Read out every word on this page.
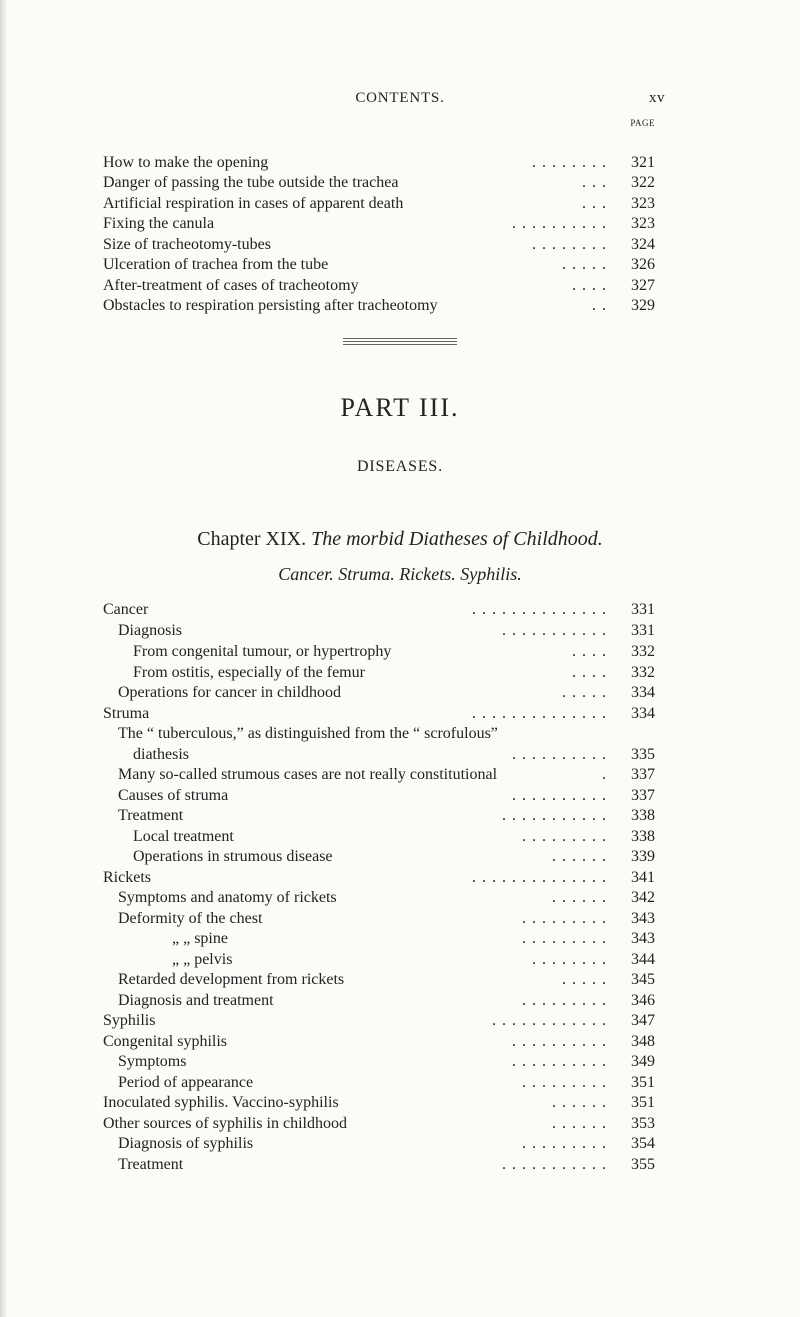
CONTENTS.	xv
PAGE
How to make the opening	........	321
Danger of passing the tube outside the trachea	...	322
Artificial respiration in cases of apparent death	...	323
Fixing the canula	..........	323
Size of tracheotomy-tubes	........	324
Ulceration of trachea from the tube	.....	326
After-treatment of cases of tracheotomy	....	327
Obstacles to respiration persisting after tracheotomy	..	329
PART III.
DISEASES.
Chapter XIX. The morbid Diatheses of Childhood.
Cancer. Struma. Rickets. Syphilis.
Cancer	..............	331
Diagnosis	...........	331
From congenital tumour, or hypertrophy	....	332
From ostitis, especially of the femur	....	332
Operations for cancer in childhood	.....	334
Struma	..............	334
The “ tuberculous,” as distinguished from the “ scrofulous”
diathesis	..........	335
Many so-called strumous cases are not really constitutional	.	337
Causes of struma	..........	337
Treatment	...........	338
Local treatment	.........	338
Operations in strumous disease	......	339
Rickets	..............	341
Symptoms and anatomy of rickets	......	342
Deformity of the chest	.........	343
„ „ spine	.........	343
„ „ pelvis	........	344
Retarded development from rickets	.....	345
Diagnosis and treatment	.........	346
Syphilis	............	347
Congenital syphilis	..........	348
Symptoms	..........	349
Period of appearance	.........	351
Inoculated syphilis. Vaccino-syphilis	......	351
Other sources of syphilis in childhood	......	353
Diagnosis of syphilis	.........	354
Treatment	...........	355
